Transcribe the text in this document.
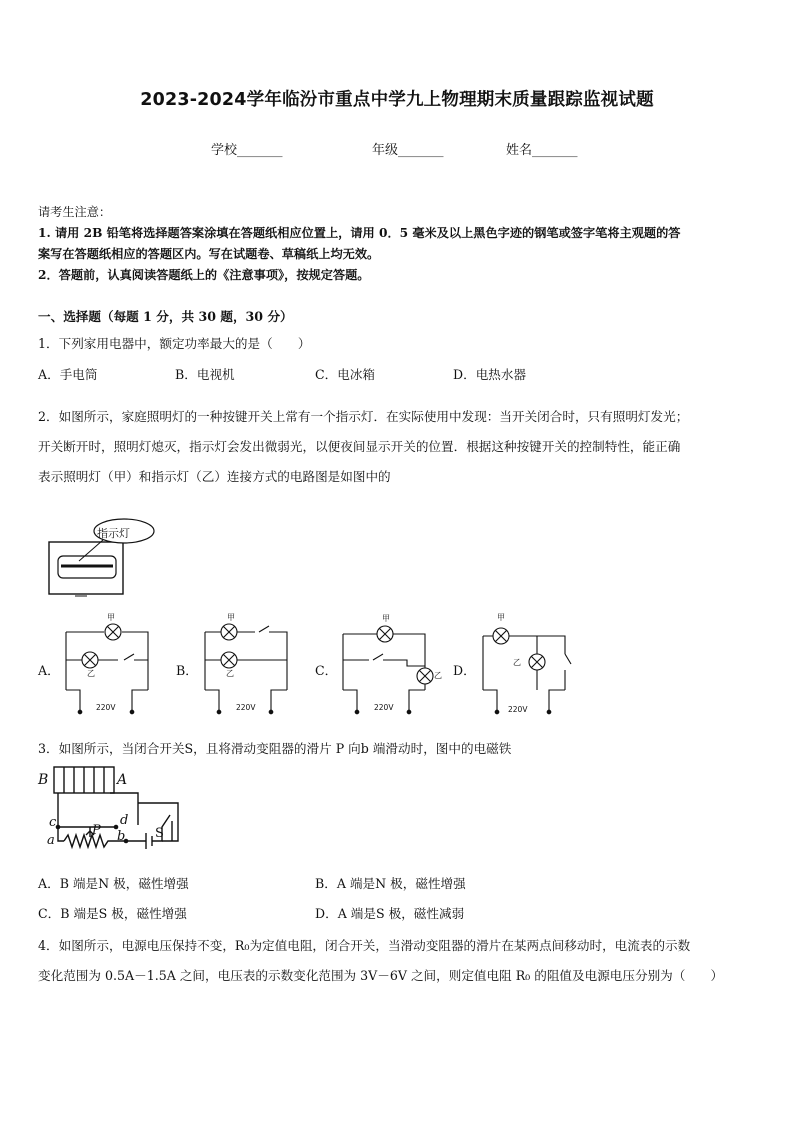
2023-2024学年临汾市重点中学九上物理期末质量跟踪监视试题
学校_______	年级_______	姓名_______
请考生注意：
1. 请用 2B 铅笔将选择题答案涂填在答题纸相应位置上，请用 0．5 毫米及以上黑色字迹的钢笔或签字笔将主观题的答
案写在答题纸相应的答题区内。写在试题卷、草稿纸上均无效。
2．答题前，认真阅读答题纸上的《注意事项》，按规定答题。
一、选择题（每题 1 分，共 30 题，30 分）
1．下列家用电器中，额定功率最大的是（　　）
A．手电筒	B．电视机	C．电冰箱	D．电热水器
2．如图所示，家庭照明灯的一种按键开关上常有一个指示灯．在实际使用中发现：当开关闭合时，只有照明灯发光；
开关断开时，照明灯熄灭，指示灯会发出微弱光，以便夜间显示开关的位置．根据这种按键开关的控制特性，能正确
表示照明灯（甲）和指示灯（乙）连接方式的电路图是如图中的
指示灯
A．	B．	C．	D．
甲
乙
220V
甲
乙
220V
甲
乙
220V
甲
乙
220V
3．如图所示，当闭合开关S，且将滑动变阻器的滑片 P 向b 端滑动时，图中的电磁铁
B	A
c	d
a
P b S
A．B 端是N 极，磁性增强	B．A 端是N 极，磁性增强
C．B 端是S 极，磁性增强	D．A 端是S 极，磁性减弱
4．如图所示，电源电压保持不变，R₀为定值电阻，闭合开关，当滑动变阻器的滑片在某两点间移动时，电流表的示数
变化范围为 0.5A－1.5A 之间，电压表的示数变化范围为 3V－6V 之间，则定值电阻 R₀ 的阻值及电源电压分别为（　　）
